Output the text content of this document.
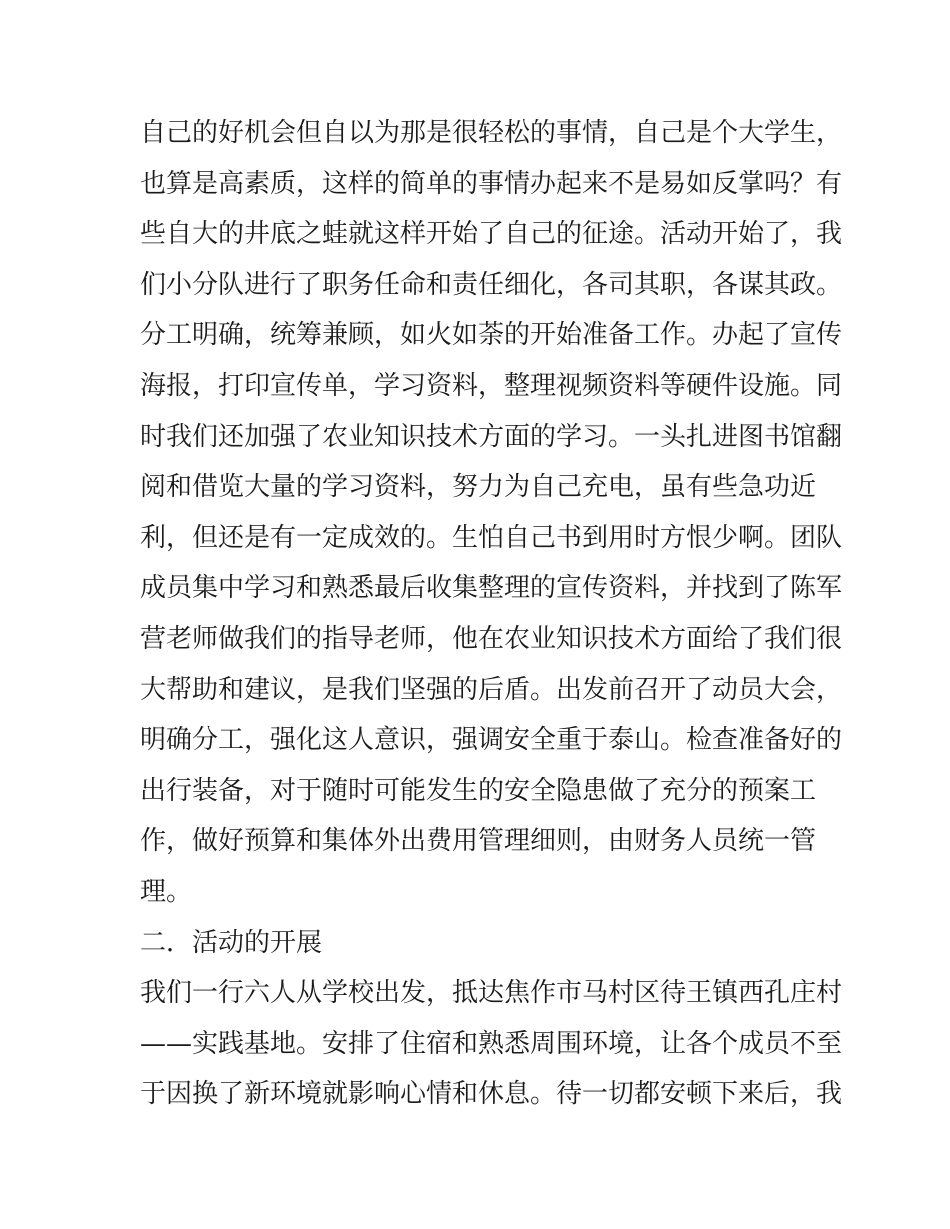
自己的好机会但自以为那是很轻松的事情，自己是个大学生，
也算是高素质，这样的简单的事情办起来不是易如反掌吗？有
些自大的井底之蛙就这样开始了自己的征途。活动开始了，我
们小分队进行了职务任命和责任细化，各司其职，各谋其政。
分工明确，统筹兼顾，如火如荼的开始准备工作。办起了宣传
海报，打印宣传单，学习资料，整理视频资料等硬件设施。同
时我们还加强了农业知识技术方面的学习。一头扎进图书馆翻
阅和借览大量的学习资料，努力为自己充电，虽有些急功近
利，但还是有一定成效的。生怕自己书到用时方恨少啊。团队
成员集中学习和熟悉最后收集整理的宣传资料，并找到了陈军
营老师做我们的指导老师，他在农业知识技术方面给了我们很
大帮助和建议，是我们坚强的后盾。出发前召开了动员大会，
明确分工，强化这人意识，强调安全重于泰山。检查准备好的
出行装备，对于随时可能发生的安全隐患做了充分的预案工
作，做好预算和集体外出费用管理细则，由财务人员统一管
理。
二．活动的开展
我们一行六人从学校出发，抵达焦作市马村区待王镇西孔庄村
——实践基地。安排了住宿和熟悉周围环境，让各个成员不至
于因换了新环境就影响心情和休息。待一切都安顿下来后，我
